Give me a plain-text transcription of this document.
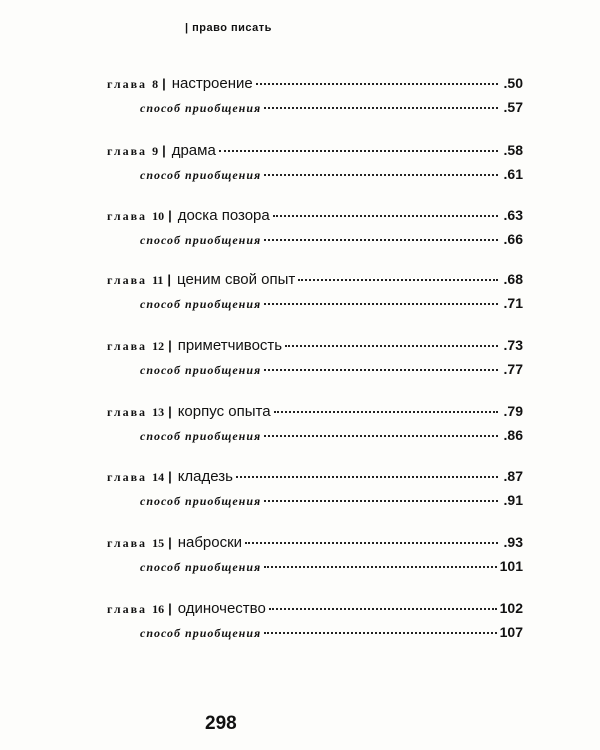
| право писать
глава 8 | настроение	.50
способ приобщения	.57
глава 9 | драма	.58
способ приобщения	.61
глава 10 | доска позора	.63
способ приобщения	.66
глава 11 | ценим свой опыт	.68
способ приобщения	.71
глава 12 | приметчивость	.73
способ приобщения	.77
глава 13 | корпус опыта	.79
способ приобщения	.86
глава 14 | кладезь	.87
способ приобщения	.91
глава 15 | наброски	.93
способ приобщения	101
глава 16 | одиночество	102
способ приобщения	107
298
